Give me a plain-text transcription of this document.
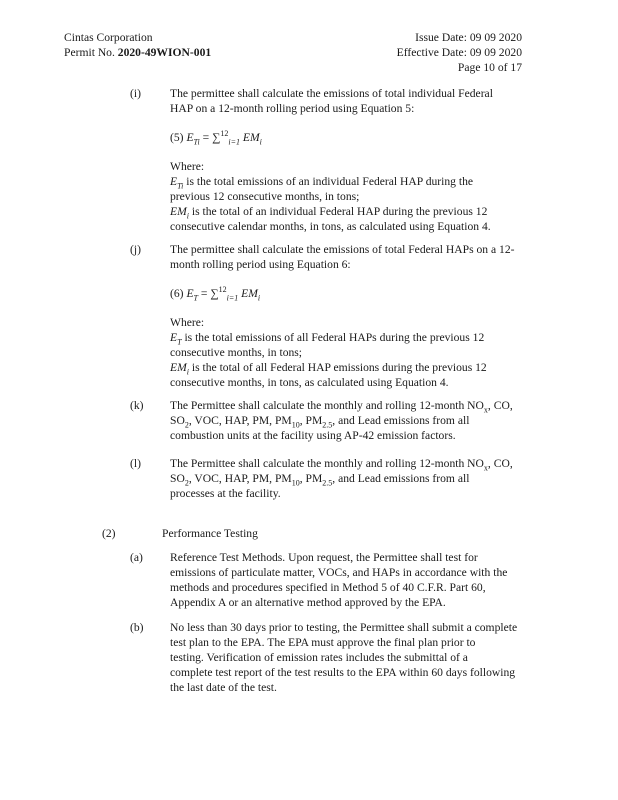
Cintas Corporation
Permit No. 2020-49WION-001
Issue Date: 09 09 2020
Effective Date: 09 09 2020
Page 10 of 17
(i)	The permittee shall calculate the emissions of total individual Federal
HAP on a 12-month rolling period using Equation 5:
(5) $E_{Ti} = \sum^{12}_{i=1}$ $EM_i$
Where:
$E_{Ti}$ is the total emissions of an individual Federal HAP during the
previous 12 consecutive months, in tons;
$EM_i$ is the total of an individual Federal HAP during the previous 12
consecutive calendar months, in tons, as calculated using Equation 4.
(j)	The permittee shall calculate the emissions of total Federal HAPs on a 12-
month rolling period using Equation 6:
(6) $E_T = \sum^{12}_{i=1}$ $EM_i$
Where:
$E_T$ is the total emissions of all Federal HAPs during the previous 12
consecutive months, in tons;
$EM_i$ is the total of all Federal HAP emissions during the previous 12
consecutive months, in tons, as calculated using Equation 4.
(k) The Permittee shall calculate the monthly and rolling 12-month $NO_x$, CO,
$SO_2$, VOC, HAP, PM, $PM_{10}$, $PM_{2.5}$, and Lead emissions from all
combustion units at the facility using AP-42 emission factors.
(l)	The Permittee shall calculate the monthly and rolling 12-month $NO_x$, CO,
$SO_2$, VOC, HAP, PM, $PM_{10}$, $PM_{2.5}$, and Lead emissions from all
processes at the facility.
(2)	Performance Testing
(a) Reference Test Methods. Upon request, the Permittee shall test for
emissions of particulate matter, VOCs, and HAPs in accordance with the
methods and procedures specified in Method 5 of 40 C.F.R. Part 60,
Appendix A or an alternative method approved by the EPA.
(b) No less than 30 days prior to testing, the Permittee shall submit a complete
test plan to the EPA. The EPA must approve the final plan prior to
testing. Verification of emission rates includes the submittal of a
complete test report of the test results to the EPA within 60 days following
the last date of the test.
